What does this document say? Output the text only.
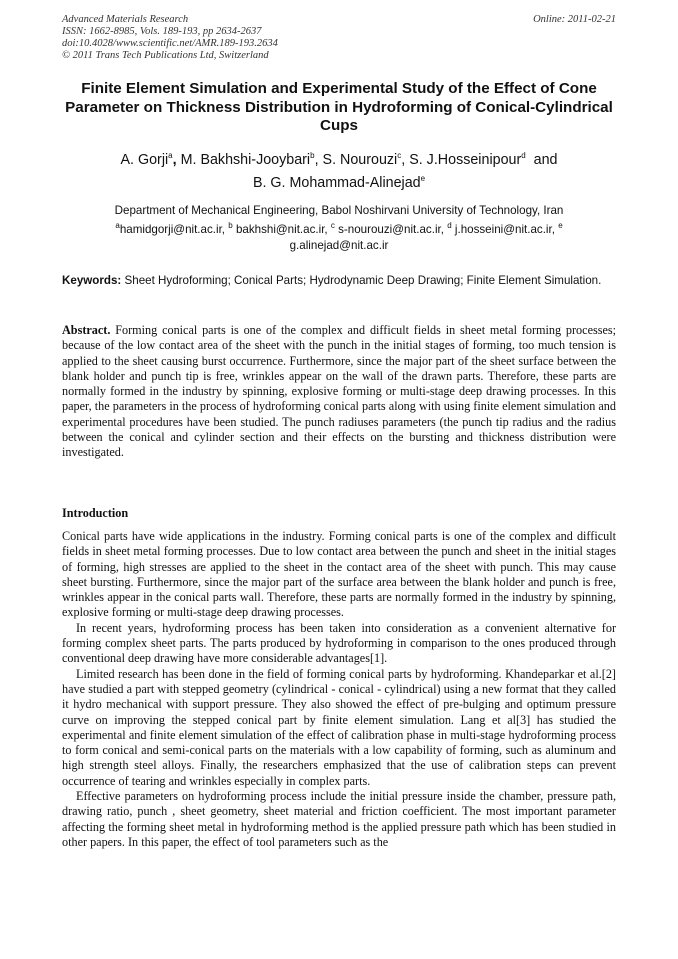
Advanced Materials Research
ISSN: 1662-8985, Vols. 189-193, pp 2634-2637
doi:10.4028/www.scientific.net/AMR.189-193.2634
© 2011 Trans Tech Publications Ltd, Switzerland
Online: 2011-02-21
Finite Element Simulation and Experimental Study of the Effect of Cone Parameter on Thickness Distribution in Hydroforming of Conical-Cylindrical Cups
A. Gorji$^a$, M. Bakhshi-Jooybari$^b$, S. Nourouzi$^c$, S. J.Hosseinipour$^d$ and
B. G. Mohammad-Alinejad$^e$
Department of Mechanical Engineering, Babol Noshirvani University of Technology, Iran
$^a$hamidgorji@nit.ac.ir, $^b$ bakhshi@nit.ac.ir, $^c$ s-nourouzi@nit.ac.ir, $^d$ j.hosseini@nit.ac.ir, $^e$
g.alinejad@nit.ac.ir
Keywords: Sheet Hydroforming; Conical Parts; Hydrodynamic Deep Drawing; Finite Element Simulation.
Abstract. Forming conical parts is one of the complex and difficult fields in sheet metal forming processes; because of the low contact area of the sheet with the punch in the initial stages of forming, too much tension is applied to the sheet causing burst occurrence. Furthermore, since the major part of the sheet surface between the blank holder and punch tip is free, wrinkles appear on the wall of the drawn parts. Therefore, these parts are normally formed in the industry by spinning, explosive forming or multi-stage deep drawing processes. In this paper, the parameters in the process of hydroforming conical parts along with using finite element simulation and experimental procedures have been studied. The punch radiuses parameters (the punch tip radius and the radius between the conical and cylinder section and their effects on the bursting and thickness distribution were investigated.
Introduction

Conical parts have wide applications in the industry. Forming conical parts is one of the complex and difficult fields in sheet metal forming processes. Due to low contact area between the punch and sheet in the initial stages of forming, high stresses are applied to the sheet in the contact area of the sheet with punch. This may cause sheet bursting. Furthermore, since the major part of the surface area between the blank holder and punch is free, wrinkles appear in the conical parts wall. Therefore, these parts are normally formed in the industry by spinning, explosive forming or multi-stage deep drawing processes.

In recent years, hydroforming process has been taken into consideration as a convenient alternative for forming complex sheet parts. The parts produced by hydroforming in comparison to the ones produced through conventional deep drawing have more considerable advantages[1].

Limited research has been done in the field of forming conical parts by hydroforming. Khandeparkar et al.[2] have studied a part with stepped geometry (cylindrical - conical - cylindrical) using a new format that they called it hydro mechanical with support pressure. They also showed the effect of pre-bulging and optimum pressure curve on improving the stepped conical part by finite element simulation. Lang et al[3] has studied the experimental and finite element simulation of the effect of calibration phase in multi-stage hydroforming process to form conical and semi-conical parts on the materials with a low capability of forming, such as aluminum and high strength steel alloys. Finally, the researchers emphasized that the use of calibration steps can prevent occurrence of tearing and wrinkles especially in complex parts.

Effective parameters on hydroforming process include the initial pressure inside the chamber, pressure path, drawing ratio, punch , sheet geometry, sheet material and friction coefficient. The most important parameter affecting the forming sheet metal in hydroforming method is the applied pressure path which has been studied in other papers. In this paper, the effect of tool parameters such as the
